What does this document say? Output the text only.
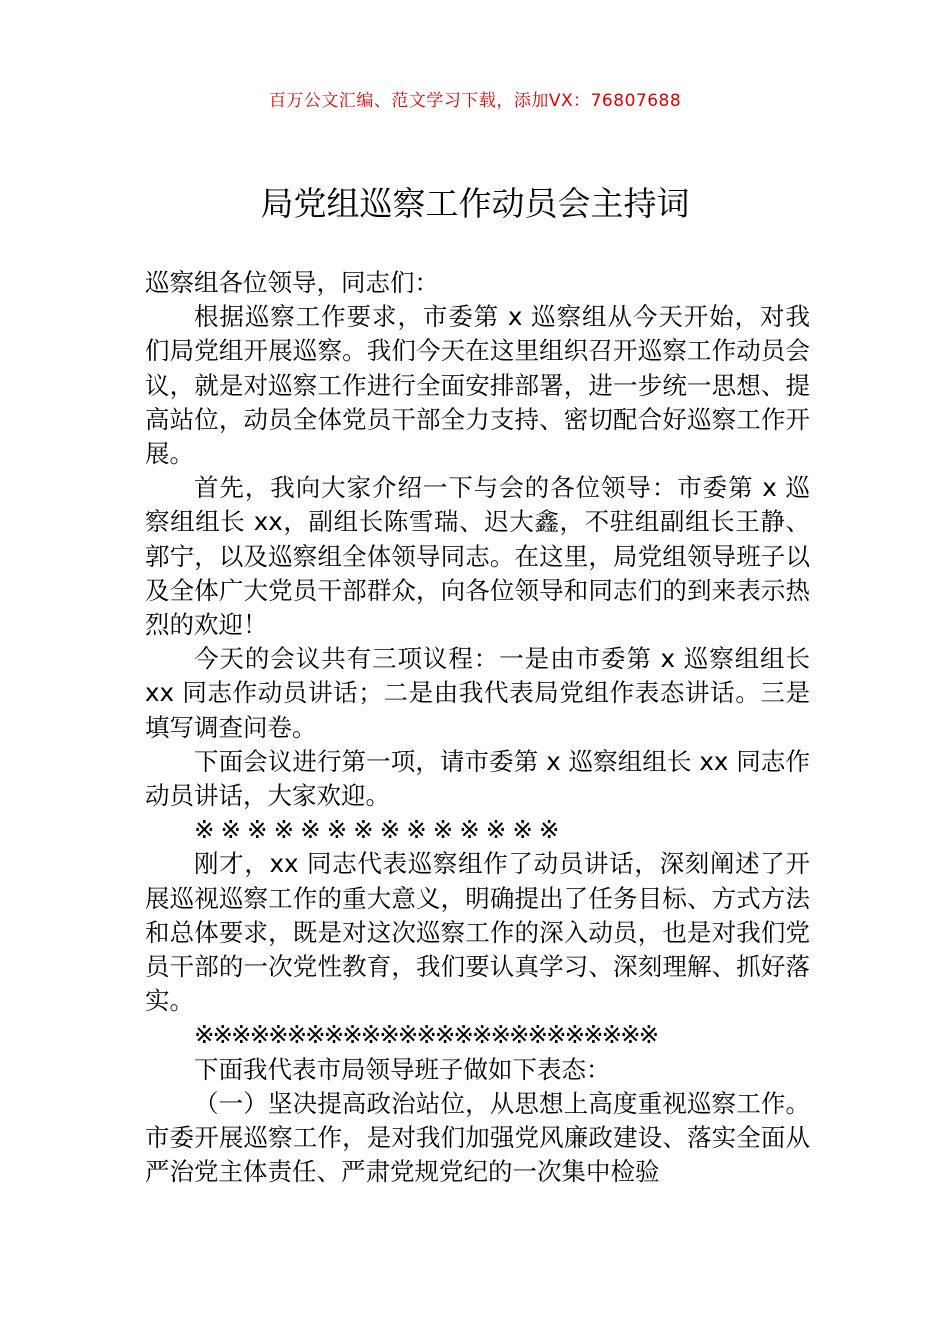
百万公文汇编、范文学习下载，添加VX：76807688
局党组巡察工作动员会主持词

巡察组各位领导，同志们：

根据巡察工作要求，市委第 x 巡察组从今天开始，对我们局党组开展巡察。我们今天在这里组织召开巡察工作动员会议，就是对巡察工作进行全面安排部署，进一步统一思想、提高站位，动员全体党员干部全力支持、密切配合好巡察工作开展。

首先，我向大家介绍一下与会的各位领导：市委第 x 巡察组组长 xx，副组长陈雪瑞、迟大鑫，不驻组副组长王静、郭宁，以及巡察组全体领导同志。在这里，局党组领导班子以及全体广大党员干部群众，向各位领导和同志们的到来表示热烈的欢迎！

今天的会议共有三项议程：一是由市委第 x 巡察组组长 xx 同志作动员讲话；二是由我代表局党组作表态讲话。三是填写调查问卷。

下面会议进行第一项，请市委第 x 巡察组组长 xx 同志作动员讲话，大家欢迎。

※※※※※※※※※※※※※※

刚才，xx 同志代表巡察组作了动员讲话，深刻阐述了开展巡视巡察工作的重大意义，明确提出了任务目标、方式方法和总体要求，既是对这次巡察工作的深入动员，也是对我们党员干部的一次党性教育，我们要认真学习、深刻理解、抓好落实。

※※※※※※※※※※※※※※※※※※※※※※※※※

下面我代表市局领导班子做如下表态：

（一）坚决提高政治站位，从思想上高度重视巡察工作。市委开展巡察工作，是对我们加强党风廉政建设、落实全面从严治党主体责任、严肃党规党纪的一次集中检验
